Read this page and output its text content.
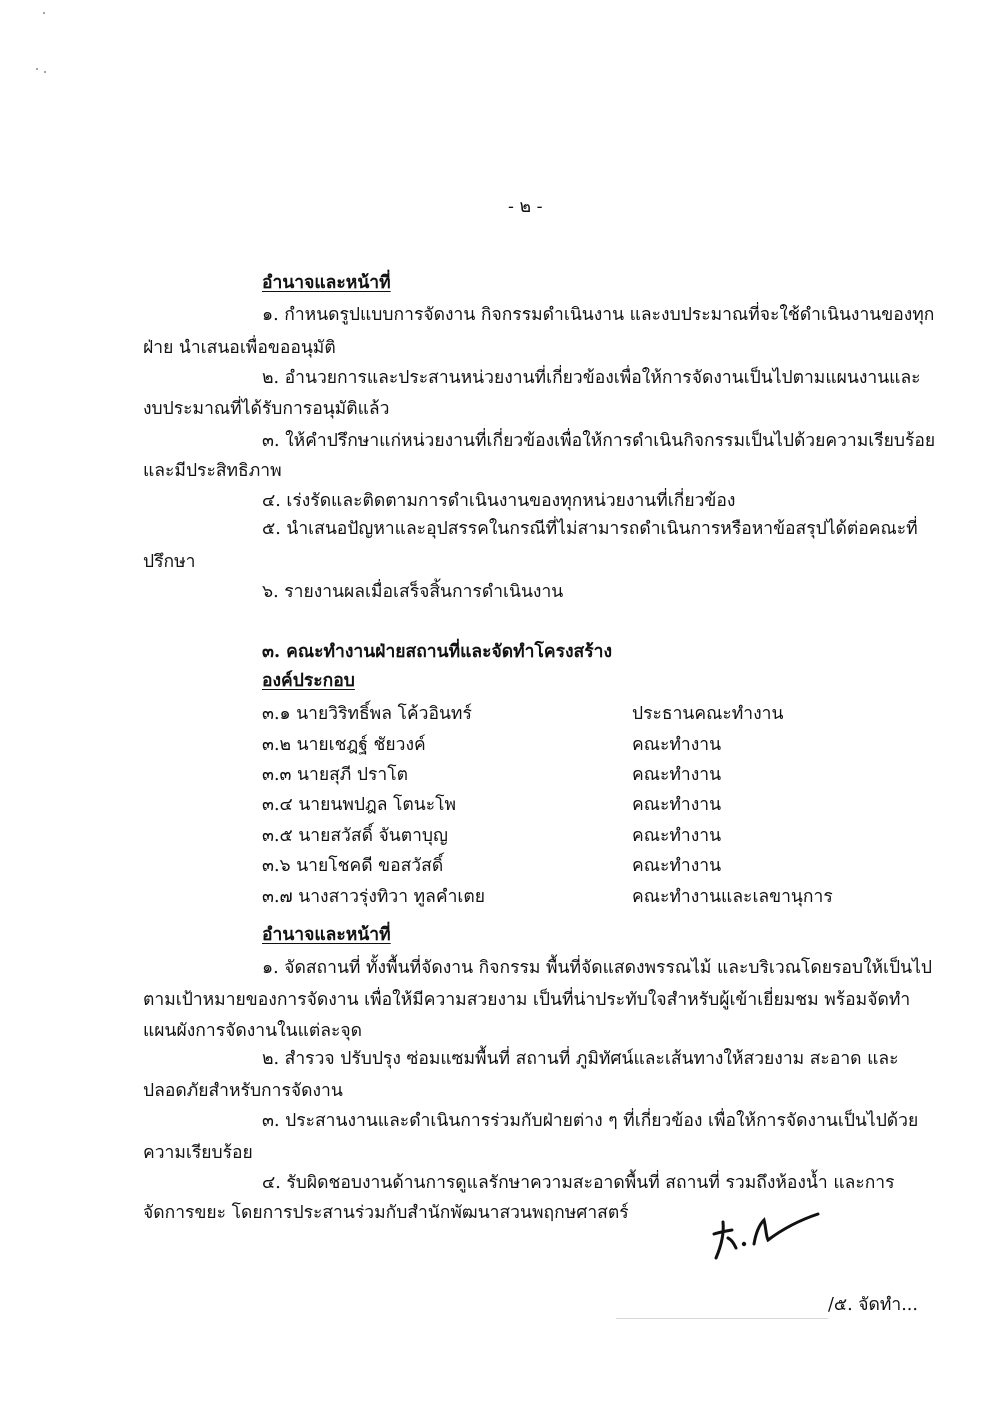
- ๒ -
อำนาจและหน้าที่
๑. กำหนดรูปแบบการจัดงาน กิจกรรมดำเนินงาน และงบประมาณที่จะใช้ดำเนินงานของทุก
ฝ่าย นำเสนอเพื่อขออนุมัติ
๒. อำนวยการและประสานหน่วยงานที่เกี่ยวข้องเพื่อให้การจัดงานเป็นไปตามแผนงานและ
งบประมาณที่ได้รับการอนุมัติแล้ว
๓. ให้คำปรึกษาแก่หน่วยงานที่เกี่ยวข้องเพื่อให้การดำเนินกิจกรรมเป็นไปด้วยความเรียบร้อย
และมีประสิทธิภาพ
๔. เร่งรัดและติดตามการดำเนินงานของทุกหน่วยงานที่เกี่ยวข้อง
๕. นำเสนอปัญหาและอุปสรรคในกรณีที่ไม่สามารถดำเนินการหรือหาข้อสรุปได้ต่อคณะที่
ปรึกษา
๖. รายงานผลเมื่อเสร็จสิ้นการดำเนินงาน
๓. คณะทำงานฝ่ายสถานที่และจัดทำโครงสร้าง
องค์ประกอบ
๓.๑ นายวิริทธิ์พล โค้วอินทร์	ประธานคณะทำงาน
๓.๒ นายเชฎฐ์ ชัยวงค์	คณะทำงาน
๓.๓ นายสุภี ปราโต	คณะทำงาน
๓.๔ นายนพปฎล โตนะโพ	คณะทำงาน
๓.๕ นายสวัสดิ์ จันตาบุญ	คณะทำงาน
๓.๖ นายโชคดี ขอสวัสดิ์	คณะทำงาน
๓.๗ นางสาวรุ่งทิวา ทูลคำเตย	คณะทำงานและเลขานุการ
อำนาจและหน้าที่
๑. จัดสถานที่ ทั้งพื้นที่จัดงาน กิจกรรม พื้นที่จัดแสดงพรรณไม้ และบริเวณโดยรอบให้เป็นไป
ตามเป้าหมายของการจัดงาน เพื่อให้มีความสวยงาม เป็นที่น่าประทับใจสำหรับผู้เข้าเยี่ยมชม พร้อมจัดทำ
แผนผังการจัดงานในแต่ละจุด
๒. สำรวจ ปรับปรุง ซ่อมแซมพื้นที่ สถานที่ ภูมิทัศน์และเส้นทางให้สวยงาม สะอาด และ
ปลอดภัยสำหรับการจัดงาน
๓. ประสานงานและดำเนินการร่วมกับฝ่ายต่าง ๆ ที่เกี่ยวข้อง เพื่อให้การจัดงานเป็นไปด้วย
ความเรียบร้อย
๔. รับผิดชอบงานด้านการดูแลรักษาความสะอาดพื้นที่ สถานที่ รวมถึงห้องน้ำ และการ
จัดการขยะ โดยการประสานร่วมกับสำนักพัฒนาสวนพฤกษศาสตร์
/๕. จัดทำ...
